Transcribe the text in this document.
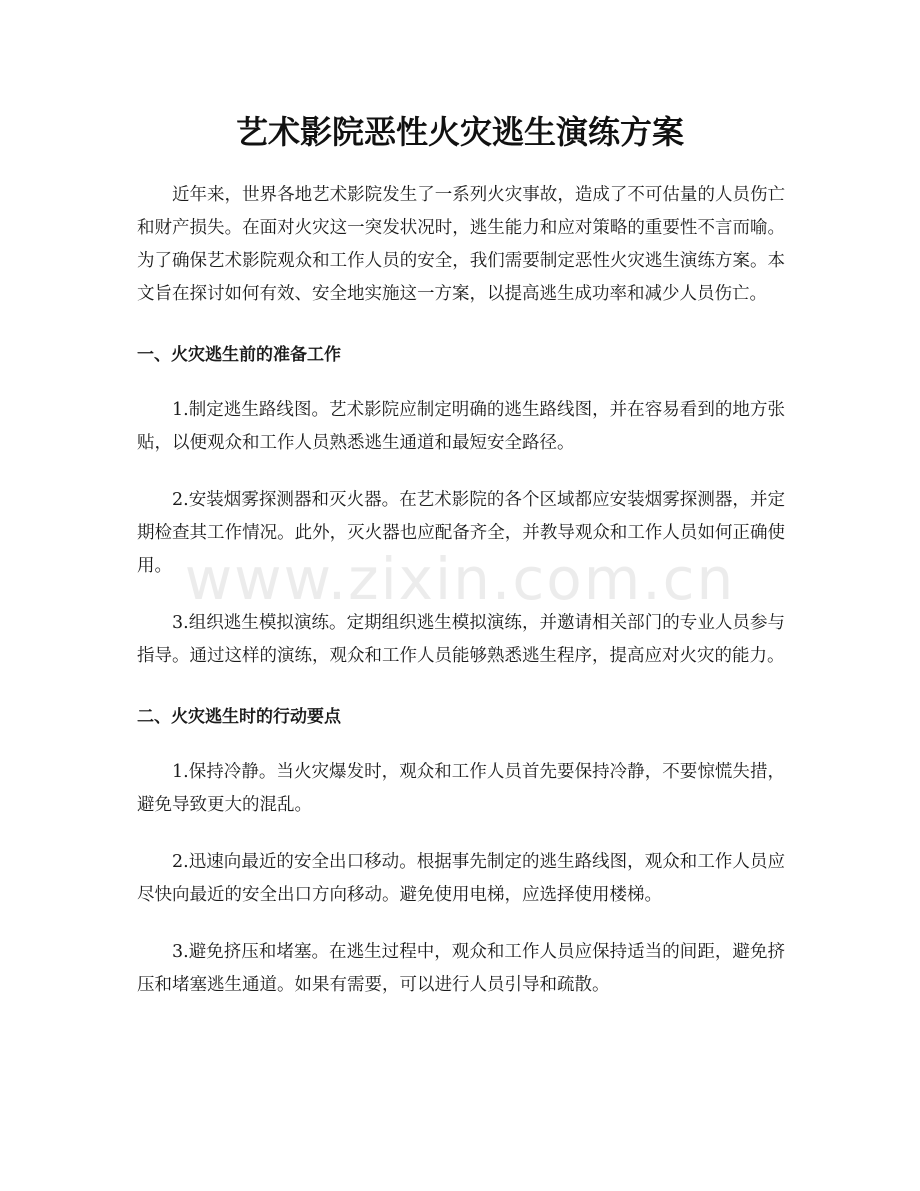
艺术影院恶性火灾逃生演练方案

近年来，世界各地艺术影院发生了一系列火灾事故，造成了不可估量的人员伤亡和财产损失。在面对火灾这一突发状况时，逃生能力和应对策略的重要性不言而喻。为了确保艺术影院观众和工作人员的安全，我们需要制定恶性火灾逃生演练方案。本文旨在探讨如何有效、安全地实施这一方案，以提高逃生成功率和减少人员伤亡。

一、火灾逃生前的准备工作

1.制定逃生路线图。艺术影院应制定明确的逃生路线图，并在容易看到的地方张贴，以便观众和工作人员熟悉逃生通道和最短安全路径。

2.安装烟雾探测器和灭火器。在艺术影院的各个区域都应安装烟雾探测器，并定期检查其工作情况。此外，灭火器也应配备齐全，并教导观众和工作人员如何正确使用。

3.组织逃生模拟演练。定期组织逃生模拟演练，并邀请相关部门的专业人员参与指导。通过这样的演练，观众和工作人员能够熟悉逃生程序，提高应对火灾的能力。

二、火灾逃生时的行动要点

1.保持冷静。当火灾爆发时，观众和工作人员首先要保持冷静，不要惊慌失措，避免导致更大的混乱。

2.迅速向最近的安全出口移动。根据事先制定的逃生路线图，观众和工作人员应尽快向最近的安全出口方向移动。避免使用电梯，应选择使用楼梯。

3.避免挤压和堵塞。在逃生过程中，观众和工作人员应保持适当的间距，避免挤压和堵塞逃生通道。如果有需要，可以进行人员引导和疏散。

www.zixin.com.cn
